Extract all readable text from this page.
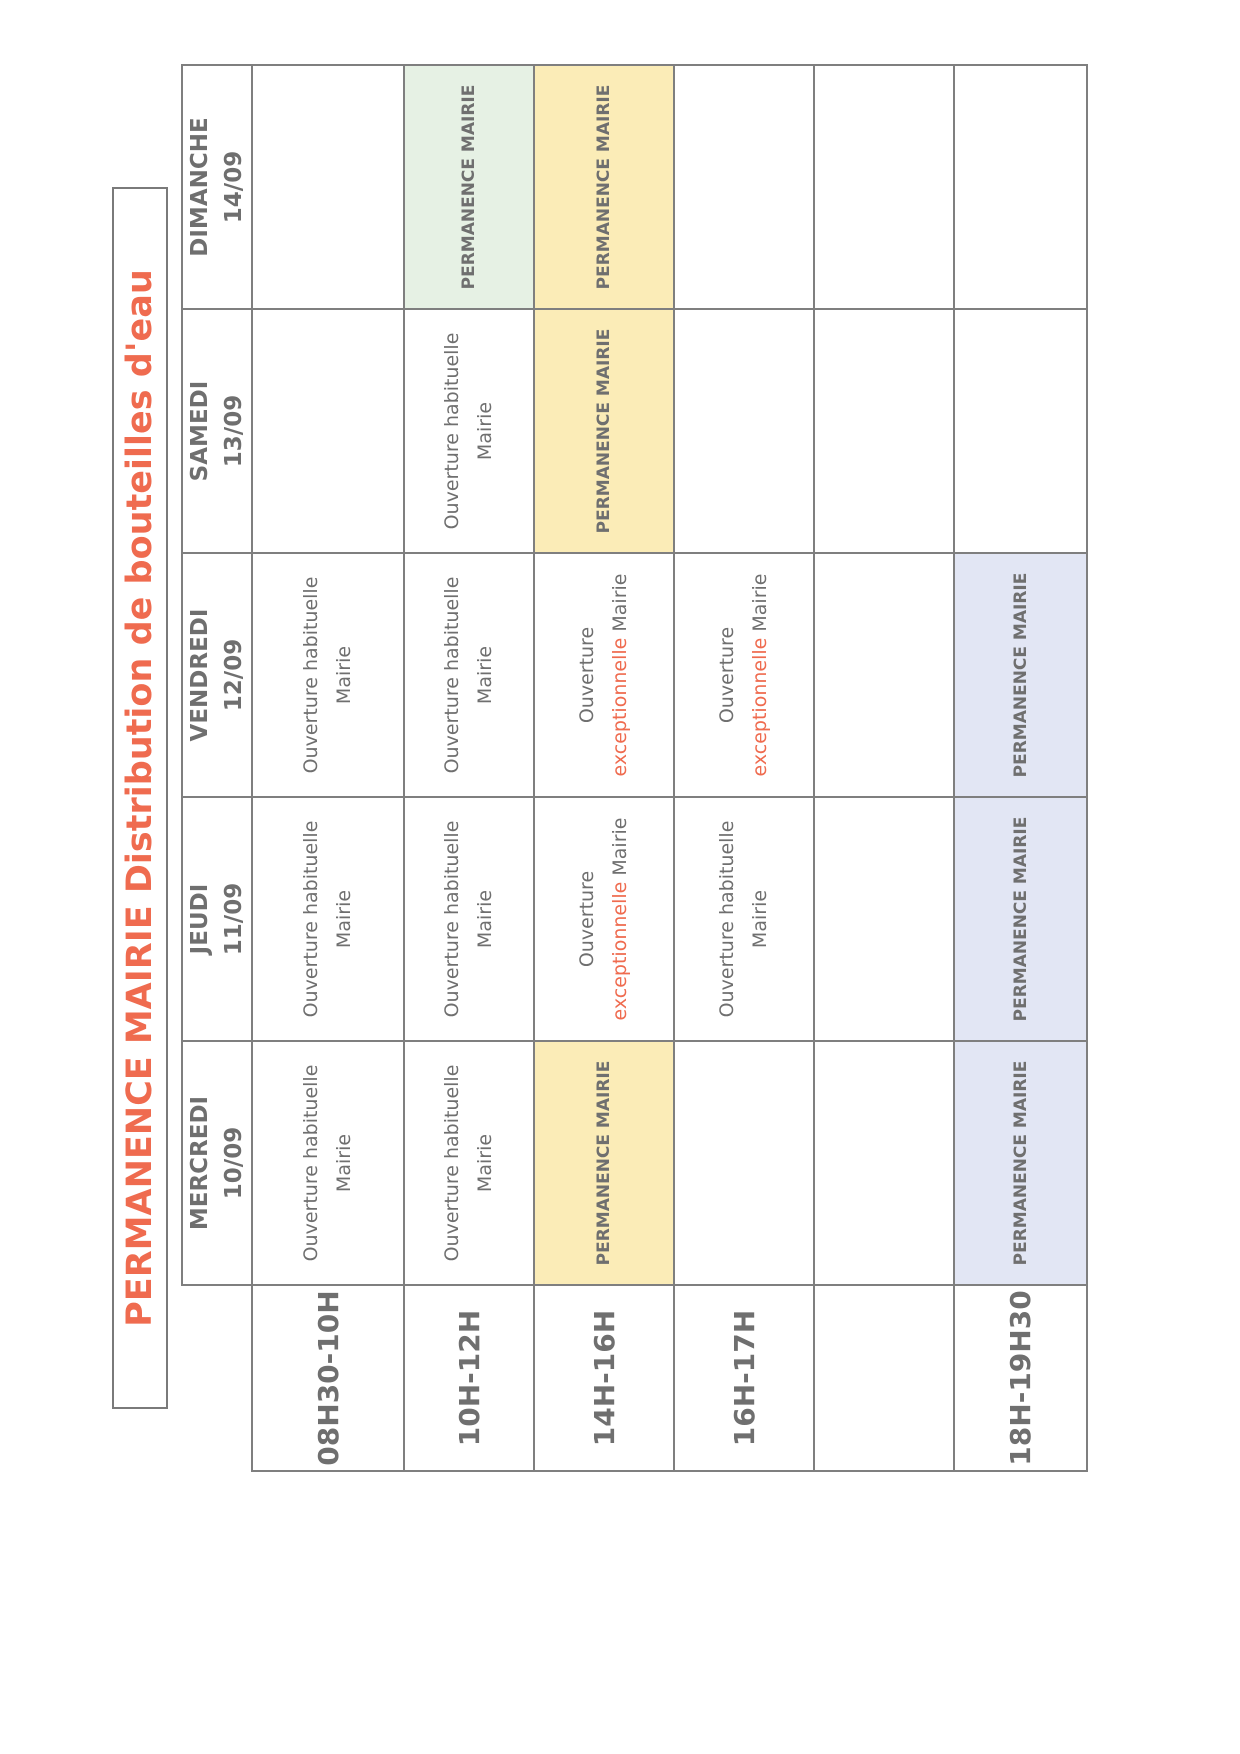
PERMANENCE MAIRIE Distribution de bouteilles d'eau

	MERCREDI 10/09	JEUDI 11/09	VENDREDI 12/09	SAMEDI 13/09	DIMANCHE 14/09

08H30-10H	Ouverture habituelle Mairie	Ouverture habituelle Mairie	Ouverture habituelle Mairie		

10H-12H	Ouverture habituelle Mairie	Ouverture habituelle Mairie	Ouverture habituelle Mairie	Ouverture habituelle Mairie	PERMANENCE MAIRIE
14H-16H	PERMANENCE MAIRIE	Ouverture exceptionnelle Mairie	Ouverture exceptionnelle Mairie	PERMANENCE MAIRIE	PERMANENCE MAIRIE
16H-17H		Ouverture habituelle Mairie	Ouverture exceptionnelle Mairie		

18H-19H30	PERMANENCE MAIRIE	PERMANENCE MAIRIE	PERMANENCE MAIRIE		
